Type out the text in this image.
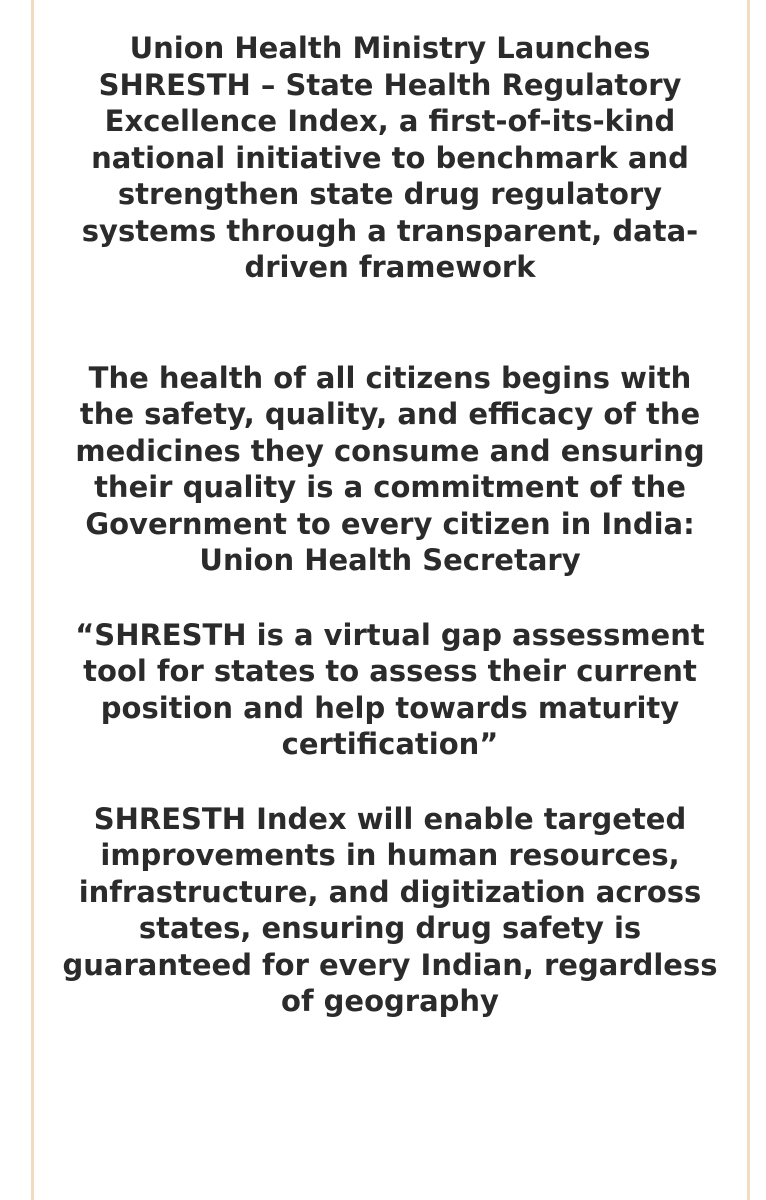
Union Health Ministry Launches SHRESTH – State Health Regulatory Excellence Index, a first-of-its-kind national initiative to benchmark and strengthen state drug regulatory systems through a transparent, data-driven framework

The health of all citizens begins with the safety, quality, and efficacy of the medicines they consume and ensuring their quality is a commitment of the Government to every citizen in India: Union Health Secretary

“SHRESTH is a virtual gap assessment tool for states to assess their current position and help towards maturity certification”

SHRESTH Index will enable targeted improvements in human resources, infrastructure, and digitization across states, ensuring drug safety is guaranteed for every Indian, regardless of geography
